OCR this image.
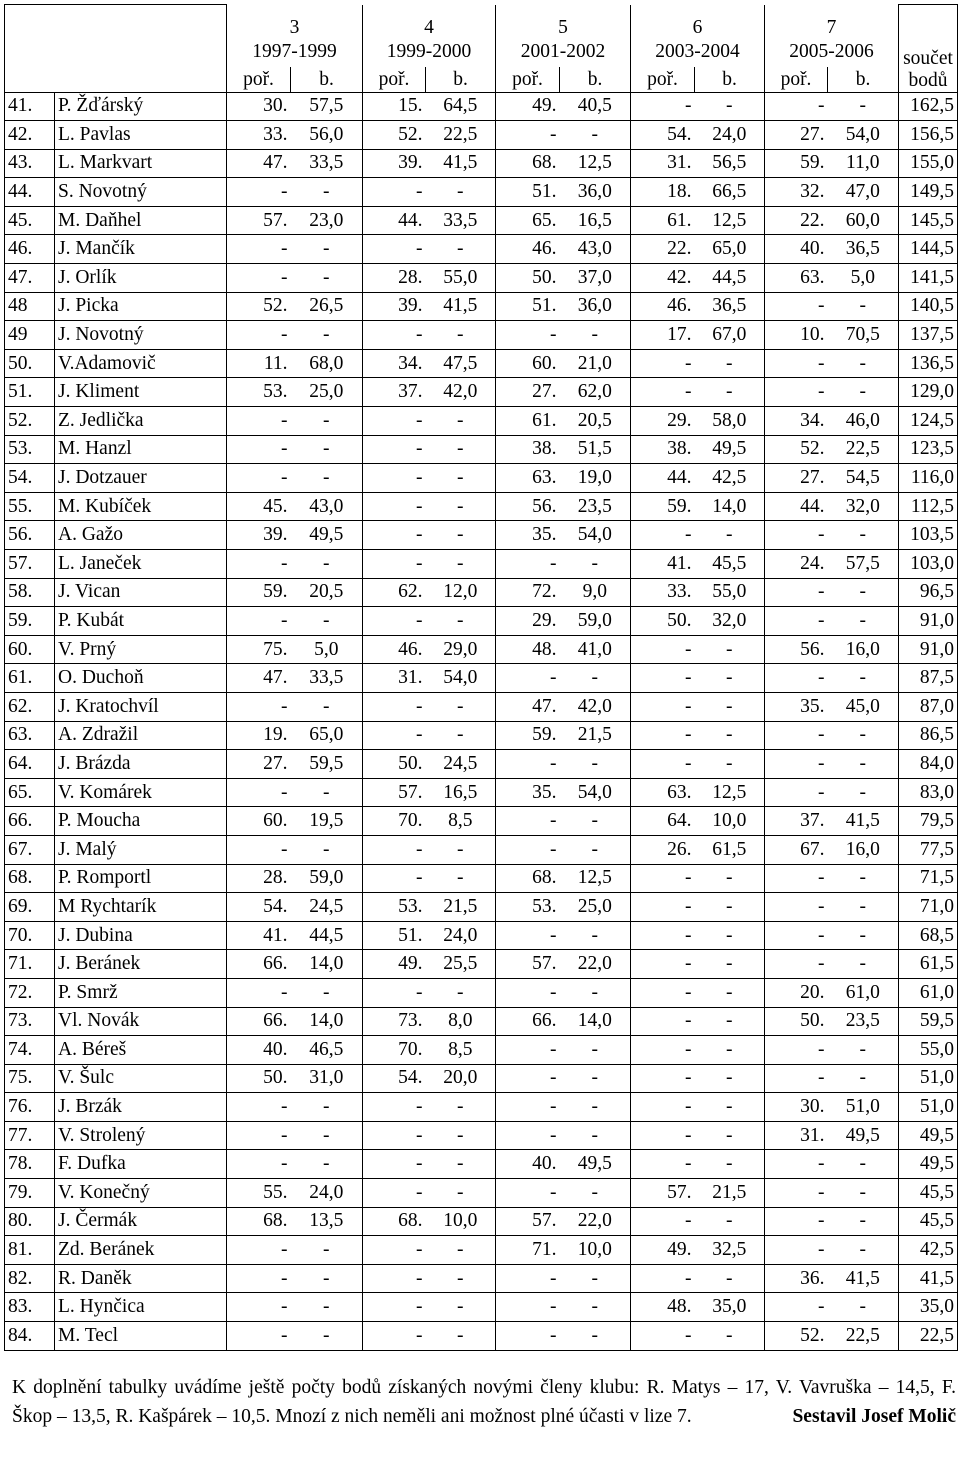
		3		4		5		6		7		součet
bodů
		1997-1999		1999-2000		2001-2002		2003-2004		2005-2006		
		poř.	b.	poř.	b.	poř.	b.	poř.	b.	poř.	b.	
41.	P. Žďárský	30.	57,5	15.	64,5	49.	40,5	-	-	-	-	162,5
42.	L. Pavlas	33.	56,0	52.	22,5	-	-	54.	24,0	27.	54,0	156,5
43.	L. Markvart	47.	33,5	39.	41,5	68.	12,5	31.	56,5	59.	11,0	155,0
44.	S. Novotný	-	-	-	-	51.	36,0	18.	66,5	32.	47,0	149,5
45.	M. Daňhel	57.	23,0	44.	33,5	65.	16,5	61.	12,5	22.	60,0	145,5
46.	J. Mančík	-	-	-	-	46.	43,0	22.	65,0	40.	36,5	144,5
47.	J. Orlík	-	-	28.	55,0	50.	37,0	42.	44,5	63.	5,0	141,5
48	J. Picka	52.	26,5	39.	41,5	51.	36,0	46.	36,5	-	-	140,5
49	J. Novotný	-	-	-	-	-	-	17.	67,0	10.	70,5	137,5
50.	V.Adamovič	11.	68,0	34.	47,5	60.	21,0	-	-	-	-	136,5
51.	J. Kliment	53.	25,0	37.	42,0	27.	62,0	-	-	-	-	129,0
52.	Z. Jedlička	-	-	-	-	61.	20,5	29.	58,0	34.	46,0	124,5
53.	M. Hanzl	-	-	-	-	38.	51,5	38.	49,5	52.	22,5	123,5
54.	J. Dotzauer	-	-	-	-	63.	19,0	44.	42,5	27.	54,5	116,0
55.	M. Kubíček	45.	43,0	-	-	56.	23,5	59.	14,0	44.	32,0	112,5
56.	A. Gažo	39.	49,5	-	-	35.	54,0	-	-	-	-	103,5
57.	L. Janeček	-	-	-	-	-	-	41.	45,5	24.	57,5	103,0
58.	J. Vican	59.	20,5	62.	12,0	72.	9,0	33.	55,0	-	-	96,5
59.	P. Kubát	-	-	-	-	29.	59,0	50.	32,0	-	-	91,0
60.	V. Prný	75.	5,0	46.	29,0	48.	41,0	-	-	56.	16,0	91,0
61.	O. Duchoň	47.	33,5	31.	54,0	-	-	-	-	-	-	87,5
62.	J. Kratochvíl	-	-	-	-	47.	42,0	-	-	35.	45,0	87,0
63.	A. Zdražil	19.	65,0	-	-	59.	21,5	-	-	-	-	86,5
64.	J. Brázda	27.	59,5	50.	24,5	-	-	-	-	-	-	84,0
65.	V. Komárek	-	-	57.	16,5	35.	54,0	63.	12,5	-	-	83,0
66.	P. Moucha	60.	19,5	70.	8,5	-	-	64.	10,0	37.	41,5	79,5
67.	J. Malý	-	-	-	-	-	-	26.	61,5	67.	16,0	77,5
68.	P. Romportl	28.	59,0	-	-	68.	12,5	-	-	-	-	71,5
69.	M Rychtarík	54.	24,5	53.	21,5	53.	25,0	-	-	-	-	71,0
70.	J. Dubina	41.	44,5	51.	24,0	-	-	-	-	-	-	68,5
71.	J. Beránek	66.	14,0	49.	25,5	57.	22,0	-	-	-	-	61,5
72.	P. Smrž	-	-	-	-	-	-	-	-	20.	61,0	61,0
73.	Vl. Novák	66.	14,0	73.	8,0	66.	14,0	-	-	50.	23,5	59,5
74.	A. Béreš	40.	46,5	70.	8,5	-	-	-	-	-	-	55,0
75.	V. Šulc	50.	31,0	54.	20,0	-	-	-	-	-	-	51,0
76.	J. Brzák	-	-	-	-	-	-	-	-	30.	51,0	51,0
77.	V. Strolený	-	-	-	-	-	-	-	-	31.	49,5	49,5
78.	F. Dufka	-	-	-	-	40.	49,5	-	-	-	-	49,5
79.	V. Konečný	55.	24,0	-	-	-	-	57.	21,5	-	-	45,5
80.	J. Čermák	68.	13,5	68.	10,0	57.	22,0	-	-	-	-	45,5
81.	Zd. Beránek	-	-	-	-	71.	10,0	49.	32,5	-	-	42,5
82.	R. Daněk	-	-	-	-	-	-	-	-	36.	41,5	41,5
83.	L. Hynčica	-	-	-	-	-	-	48.	35,0	-	-	35,0
84.	M. Tecl	-	-	-	-	-	-	-	-	52.	22,5	22,5

K doplnění tabulky uvádíme ještě počty bodů získaných novými členy klubu: R. Matys – 17, V. Vavruška – 14,5, F. Škop – 13,5, R. Kašpárek – 10,5. Mnozí z nich neměli ani možnost plné účasti v lize 7.	Sestavil Josef Molič
